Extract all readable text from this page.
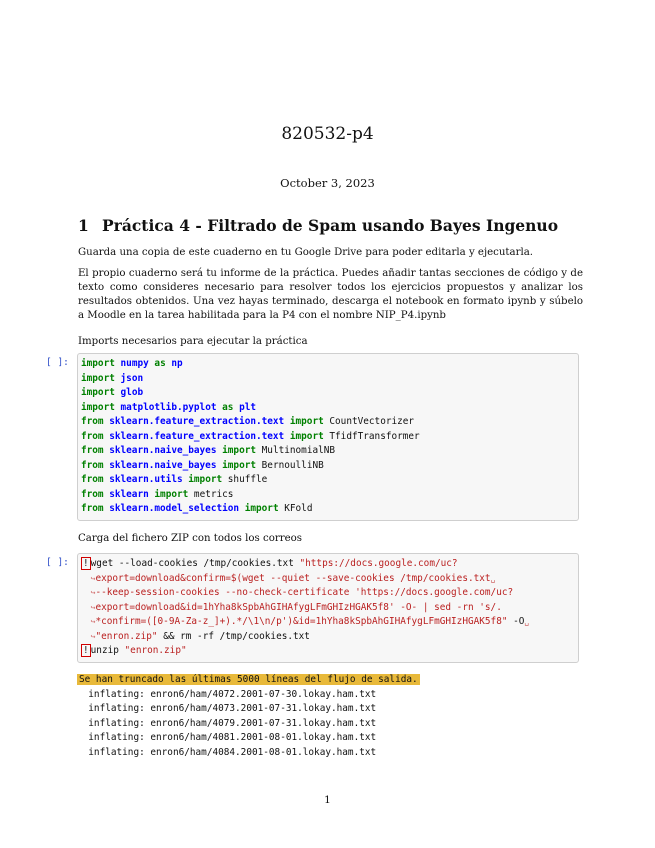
820532-p4
October 3, 2023
1 Práctica 4 - Filtrado de Spam usando Bayes Ingenuo
Guarda una copia de este cuaderno en tu Google Drive para poder editarla y ejecutarla.
El propio cuaderno será tu informe de la práctica. Puedes añadir tantas secciones de código y de texto como consideres necesario para resolver todos los ejercicios propuestos y analizar los resultados obtenidos. Una vez hayas terminado, descarga el notebook en formato ipynb y súbelo a Moodle en la tarea habilitada para la P4 con el nombre NIP_P4.ipynb
Imports necesarios para ejecutar la práctica
[ ]:	import numpy as np
import json
import glob
import matplotlib.pyplot as plt
from sklearn.feature_extraction.text import CountVectorizer
from sklearn.feature_extraction.text import TfidfTransformer
from sklearn.naive_bayes import MultinomialNB
from sklearn.naive_bayes import BernoulliNB
from sklearn.utils import shuffle
from sklearn import metrics
from sklearn.model_selection import KFold
Carga del fichero ZIP con todos los correos
[ ]:	! wget --load-cookies /tmp/cookies.txt "https://docs.google.com/uc?
↪export=download&confirm=$(wget --quiet --save-cookies /tmp/cookies.txt␣
↪--keep-session-cookies --no-check-certificate 'https://docs.google.com/uc?
↪export=download&id=1hYha8kSpbAhGIHAfygLFmGHIzHGAK5f8' -O- | sed -rn 's/.
↪*confirm=([0-9A-Za-z_]+).*/\1\n/p')&id=1hYha8kSpbAhGIHAfygLFmGHIzHGAK5f8" -O␣
↪"enron.zip" && rm -rf /tmp/cookies.txt
! unzip "enron.zip"
Se han truncado las últimas 5000 líneas del flujo de salida.
inflating: enron6/ham/4072.2001-07-30.lokay.ham.txt
inflating: enron6/ham/4073.2001-07-31.lokay.ham.txt
inflating: enron6/ham/4079.2001-07-31.lokay.ham.txt
inflating: enron6/ham/4081.2001-08-01.lokay.ham.txt
inflating: enron6/ham/4084.2001-08-01.lokay.ham.txt
1
